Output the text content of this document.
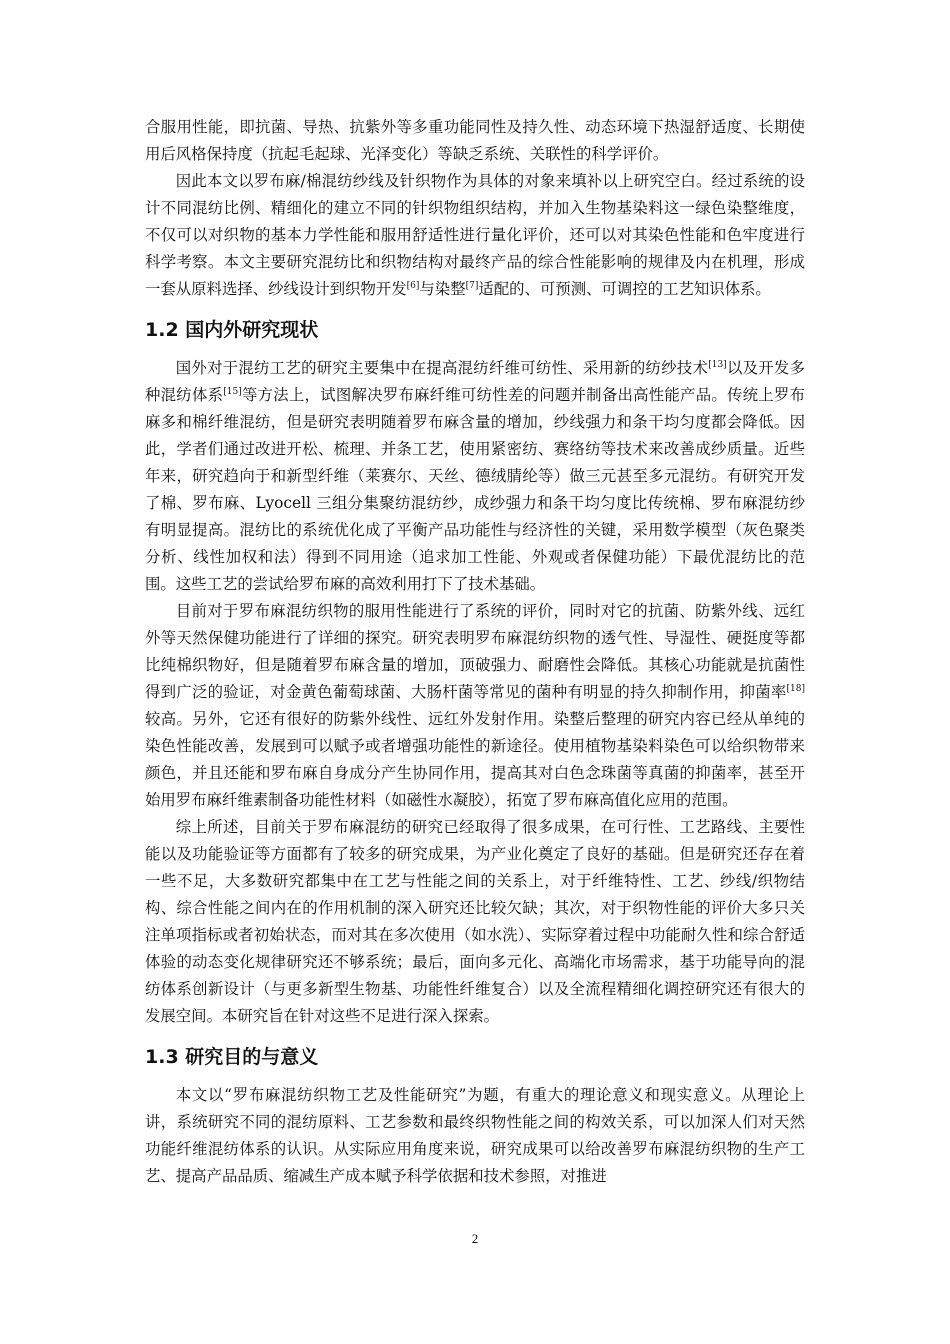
合服用性能，即抗菌、导热、抗紫外等多重功能同性及持久性、动态环境下热湿舒适度、长期使用后风格保持度（抗起毛起球、光泽变化）等缺乏系统、关联性的科学评价。

因此本文以罗布麻/棉混纺纱线及针织物作为具体的对象来填补以上研究空白。经过系统的设计不同混纺比例、精细化的建立不同的针织物组织结构，并加入生物基染料这一绿色染整维度，不仅可以对织物的基本力学性能和服用舒适性进行量化评价，还可以对其染色性能和色牢度进行科学考察。本文主要研究混纺比和织物结构对最终产品的综合性能影响的规律及内在机理，形成一套从原料选择、纱线设计到织物开发[6]与染整[7]适配的、可预测、可调控的工艺知识体系。

1.2 国内外研究现状

国外对于混纺工艺的研究主要集中在提高混纺纤维可纺性、采用新的纺纱技术[13]以及开发多种混纺体系[15]等方法上，试图解决罗布麻纤维可纺性差的问题并制备出高性能产品。传统上罗布麻多和棉纤维混纺，但是研究表明随着罗布麻含量的增加，纱线强力和条干均匀度都会降低。因此，学者们通过改进开松、梳理、并条工艺，使用紧密纺、赛络纺等技术来改善成纱质量。近些年来，研究趋向于和新型纤维（莱赛尔、天丝、德绒腈纶等）做三元甚至多元混纺。有研究开发了棉、罗布麻、Lyocell 三组分集聚纺混纺纱，成纱强力和条干均匀度比传统棉、罗布麻混纺纱有明显提高。混纺比的系统优化成了平衡产品功能性与经济性的关键，采用数学模型（灰色聚类分析、线性加权和法）得到不同用途（追求加工性能、外观或者保健功能）下最优混纺比的范围。这些工艺的尝试给罗布麻的高效利用打下了技术基础。

目前对于罗布麻混纺织物的服用性能进行了系统的评价，同时对它的抗菌、防紫外线、远红外等天然保健功能进行了详细的探究。研究表明罗布麻混纺织物的透气性、导湿性、硬挺度等都比纯棉织物好，但是随着罗布麻含量的增加，顶破强力、耐磨性会降低。其核心功能就是抗菌性得到广泛的验证，对金黄色葡萄球菌、大肠杆菌等常见的菌种有明显的持久抑制作用，抑菌率[18]较高。另外，它还有很好的防紫外线性、远红外发射作用。染整后整理的研究内容已经从单纯的染色性能改善，发展到可以赋予或者增强功能性的新途径。使用植物基染料染色可以给织物带来颜色，并且还能和罗布麻自身成分产生协同作用，提高其对白色念珠菌等真菌的抑菌率，甚至开始用罗布麻纤维素制备功能性材料（如磁性水凝胶），拓宽了罗布麻高值化应用的范围。

综上所述，目前关于罗布麻混纺的研究已经取得了很多成果，在可行性、工艺路线、主要性能以及功能验证等方面都有了较多的研究成果，为产业化奠定了良好的基础。但是研究还存在着一些不足，大多数研究都集中在工艺与性能之间的关系上，对于纤维特性、工艺、纱线/织物结构、综合性能之间内在的作用机制的深入研究还比较欠缺；其次，对于织物性能的评价大多只关注单项指标或者初始状态，而对其在多次使用（如水洗）、实际穿着过程中功能耐久性和综合舒适体验的动态变化规律研究还不够系统；最后，面向多元化、高端化市场需求，基于功能导向的混纺体系创新设计（与更多新型生物基、功能性纤维复合）以及全流程精细化调控研究还有很大的发展空间。本研究旨在针对这些不足进行深入探索。

1.3 研究目的与意义

本文以“罗布麻混纺织物工艺及性能研究”为题，有重大的理论意义和现实意义。从理论上讲，系统研究不同的混纺原料、工艺参数和最终织物性能之间的构效关系，可以加深人们对天然功能纤维混纺体系的认识。从实际应用角度来说，研究成果可以给改善罗布麻混纺织物的生产工艺、提高产品品质、缩减生产成本赋予科学依据和技术参照，对推进

2
